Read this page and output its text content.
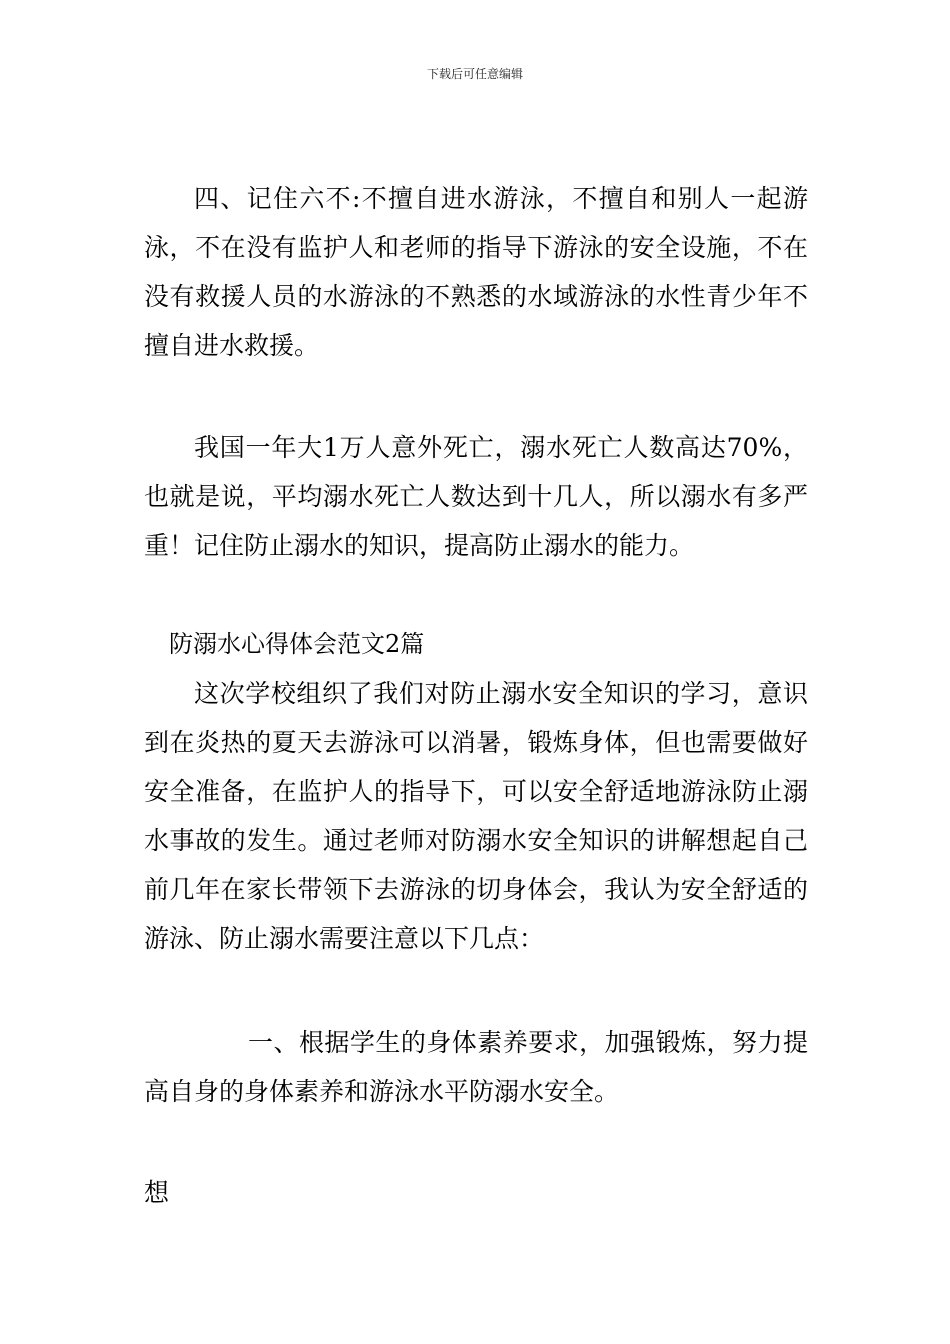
下载后可任意编辑

四、记住六不:不擅自进水游泳，不擅自和别人一起游泳，不在没有监护人和老师的指导下游泳的安全设施，不在没有救援人员的水游泳的不熟悉的水域游泳的水性青少年不擅自进水救援。

我国一年大1万人意外死亡，溺水死亡人数高达70%，也就是说，平均溺水死亡人数达到十几人，所以溺水有多严重！记住防止溺水的知识，提高防止溺水的能力。

防溺水心得体会范文2篇

这次学校组织了我们对防止溺水安全知识的学习，意识到在炎热的夏天去游泳可以消暑，锻炼身体，但也需要做好安全准备，在监护人的指导下，可以安全舒适地游泳防止溺水事故的发生。通过老师对防溺水安全知识的讲解想起自己前几年在家长带领下去游泳的切身体会，我认为安全舒适的游泳、防止溺水需要注意以下几点：

一、根据学生的身体素养要求，加强锻炼，努力提高自身的身体素养和游泳水平防溺水安全。

想
